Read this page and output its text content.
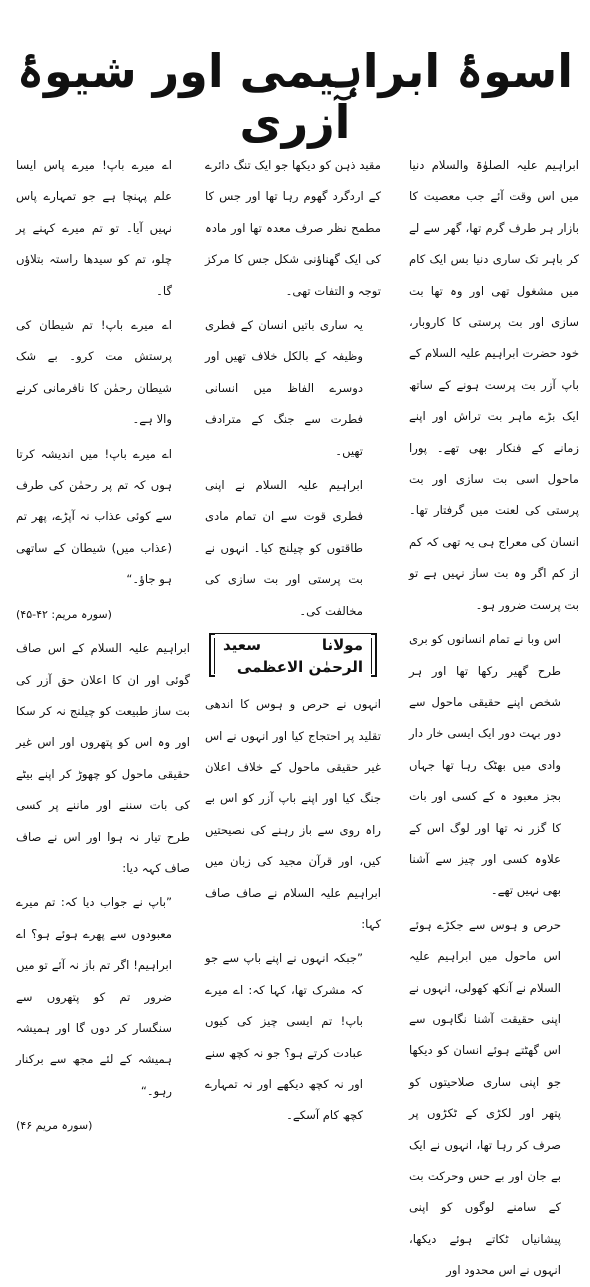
اسوۂ ابراہیمی اور شیوۂ آزری

ابراہیم علیہ الصلوٰۃ والسلام دنیا میں اس وقت آئے جب معصیت کا بازار ہر طرف گرم تھا، گھر سے لے کر باہر تک ساری دنیا بس ایک کام میں مشغول تھی اور وہ تھا بت سازی اور بت پرستی کا کاروبار، خود حضرت ابراہیم علیہ السلام کے باپ آزر بت پرست ہونے کے ساتھ ایک بڑے ماہر بت تراش اور اپنے زمانے کے فنکار بھی تھے۔ پورا ماحول اسی بت سازی اور بت پرستی کی لعنت میں گرفتار تھا۔ انسان کی معراج ہی یہ تھی کہ کم از کم اگر وہ بت ساز نہیں ہے تو بت پرست ضرور ہو۔

اس وبا نے تمام انسانوں کو بری طرح گھیر رکھا تھا اور ہر شخص اپنے حقیقی ماحول سے دور بہت دور ایک ایسی خار دار وادی میں بھٹک رہا تھا جہاں بجز معبود ہ کے کسی اور بات کا گزر نہ تھا اور لوگ اس کے علاوہ کسی اور چیز سے آشنا بھی نہیں تھے۔

حرص و ہوس سے جکڑے ہوئے اس ماحول میں ابراہیم علیہ السلام نے آنکھ کھولی، انہوں نے اپنی حقیقت آشنا نگاہوں سے اس گھٹتے ہوئے انسان کو دیکھا جو اپنی ساری صلاحیتوں کو پتھر اور لکڑی کے ٹکڑوں پر صرف کر رہا تھا، انہوں نے ایک بے جان اور بے حس وحرکت بت کے سامنے لوگوں کو اپنی پیشانیاں ٹکاتے ہوئے دیکھا، انہوں نے اس محدود اور

مقید ذہن کو دیکھا جو ایک تنگ دائرے کے اردگرد گھوم رہا تھا اور جس کا مطمح نظر صرف معدہ تھا اور مادہ کی ایک گھناؤنی شکل جس کا مرکز توجہ و التفات تھی۔

یہ ساری باتیں انسان کے فطری وظیفہ کے بالکل خلاف تھیں اور دوسرے الفاظ میں انسانی فطرت سے جنگ کے مترادف تھیں۔

ابراہیم علیہ السلام نے اپنی فطری قوت سے ان تمام مادی طاقتوں کو چیلنج کیا۔ انہوں نے بت پرستی اور بت سازی کی مخالفت کی۔

مولانا سعید الرحمٰن الاعظمی

انہوں نے حرص و ہوس کا اندھی تقلید پر احتجاج کیا اور انہوں نے اس غیر حقیقی ماحول کے خلاف اعلان جنگ کیا اور اپنے باپ آزر کو اس بے راہ روی سے باز رہنے کی نصیحتیں کیں، اور قرآن مجید کی زبان میں ابراہیم علیہ السلام نے صاف صاف کہا:

”جبکہ انہوں نے اپنے باپ سے جو کہ مشرک تھا، کہا کہ: اے میرے باپ! تم ایسی چیز کی کیوں عبادت کرتے ہو؟ جو نہ کچھ سنے اور نہ کچھ دیکھے اور نہ تمہارے کچھ کام آسکے۔

اے میرے باپ! میرے پاس ایسا علم پہنچا ہے جو تمہارے پاس نہیں آیا۔ تو تم میرے کہنے پر چلو، تم کو سیدھا راستہ بتلاؤں گا۔

اے میرے باپ! تم شیطان کی پرستش مت کرو۔ بے شک شیطان رحمٰن کا نافرمانی کرنے والا ہے۔

اے میرے باپ! میں اندیشہ کرتا ہوں کہ تم پر رحمٰن کی طرف سے کوئی عذاب نہ آپڑے، پھر تم (عذاب میں) شیطان کے ساتھی ہو جاؤ۔“

(سورہ مریم: ۴۲-۴۵)

ابراہیم علیہ السلام کے اس صاف گوئی اور ان کا اعلان حق آزر کی بت ساز طبیعت کو چیلنج نہ کر سکا اور وہ اس کو پتھروں اور اس غیر حقیقی ماحول کو چھوڑ کر اپنے بیٹے کی بات سننے اور ماننے پر کسی طرح تیار نہ ہوا اور اس نے صاف صاف کہہ دیا:

”باپ نے جواب دیا کہ: تم میرے معبودوں سے پھرے ہوئے ہو؟ اے ابراہیم! اگر تم باز نہ آئے تو میں ضرور تم کو پتھروں سے سنگسار کر دوں گا اور ہمیشہ ہمیشہ کے لئے مجھ سے برکنار رہو۔“

(سورہ مریم ۴۶)
